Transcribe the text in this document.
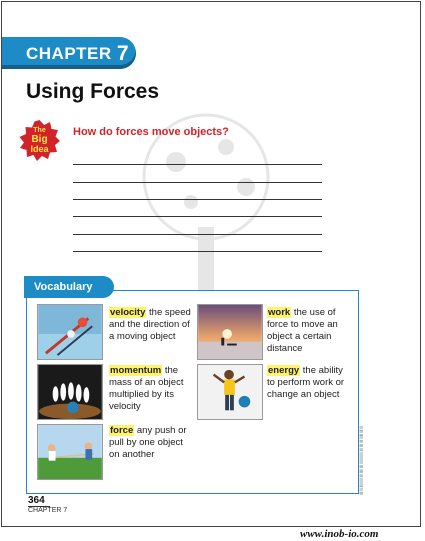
CHAPTER 7
Using Forces
The
Big
Idea
How do forces move objects?
velocity the speed and the direction of a moving object
momentum the mass of an object multiplied by its velocity
force any push or pull by one object on another
work the use of force to move an object a certain distance
energy the ability to perform work or change an object
Vocabulary
|||| ||| |||||| |||| |||| ||||| |||| ||| ||||| |||| |||| |||| |||| |||||| |||| |||
364
CHAPTER 7
www.inob-io.com
